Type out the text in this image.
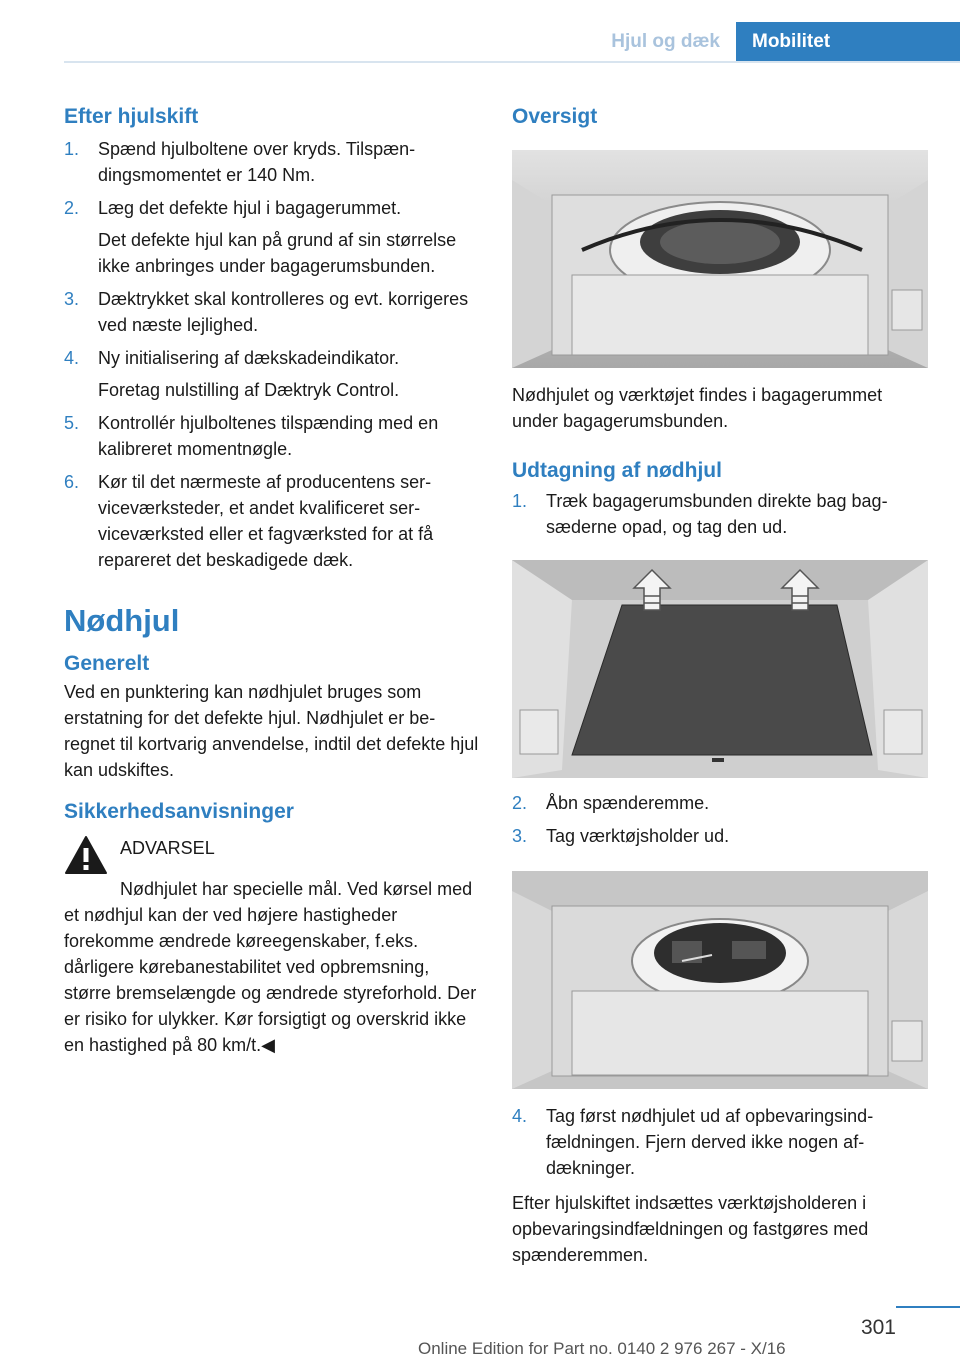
Hjul og dæk	Mobilitet
Efter hjulskift
1.	Spænd hjulboltene over kryds. Tilspændingsmomentet er 140 Nm.
2.	Læg det defekte hjul i bagagerummet.
Det defekte hjul kan på grund af sin størrelse ikke anbringes under bagagerumsbunden.
3.	Dæktrykket skal kontrolleres og evt. korrigeres ved næste lejlighed.
4.	Ny initialisering af dækskadeindikator.
Foretag nulstilling af Dæktryk Control.
5.	Kontrollér hjulboltenes tilspænding med en kalibreret momentnøgle.
6.	Kør til det nærmeste af producentens serviceværksteder, et andet kvalificeret serviceværksted eller et fagværksted for at få repareret det beskadigede dæk.
Nødhjul
Generelt

Ved en punktering kan nødhjulet bruges som erstatning for det defekte hjul. Nødhjulet er beregnet til kortvarig anvendelse, indtil det defekte hjul kan udskiftes.

Sikkerhedsanvisninger
ADVARSEL

Nødhjulet har specielle mål. Ved kørsel med et nødhjul kan der ved højere hastigheder forekomme ændrede køreegenskaber, f.eks. dårligere kørebanestabilitet ved opbremsning, større bremselængde og ændrede styreforhold. Der er risiko for ulykker. Kør forsigtigt og overskrid ikke en hastighed på 80 km/t.◀

Oversigt

Nødhjulet og værktøjet findes i bagagerummet under bagagerumsbunden.

Udtagning af nødhjul
1.	Træk bagagerumsbunden direkte bag bagsæderne opad, og tag den ud.
2.	Åbn spænderemme.
3.	Tag værktøjsholder ud.
4.	Tag først nødhjulet ud af opbevaringsindfældningen. Fjern derved ikke nogen afdækninger.

Efter hjulskiftet indsættes værktøjsholderen i opbevaringsindfældningen og fastgøres med spænderemmen.

301
Online Edition for Part no. 0140 2 976 267 - X/16
